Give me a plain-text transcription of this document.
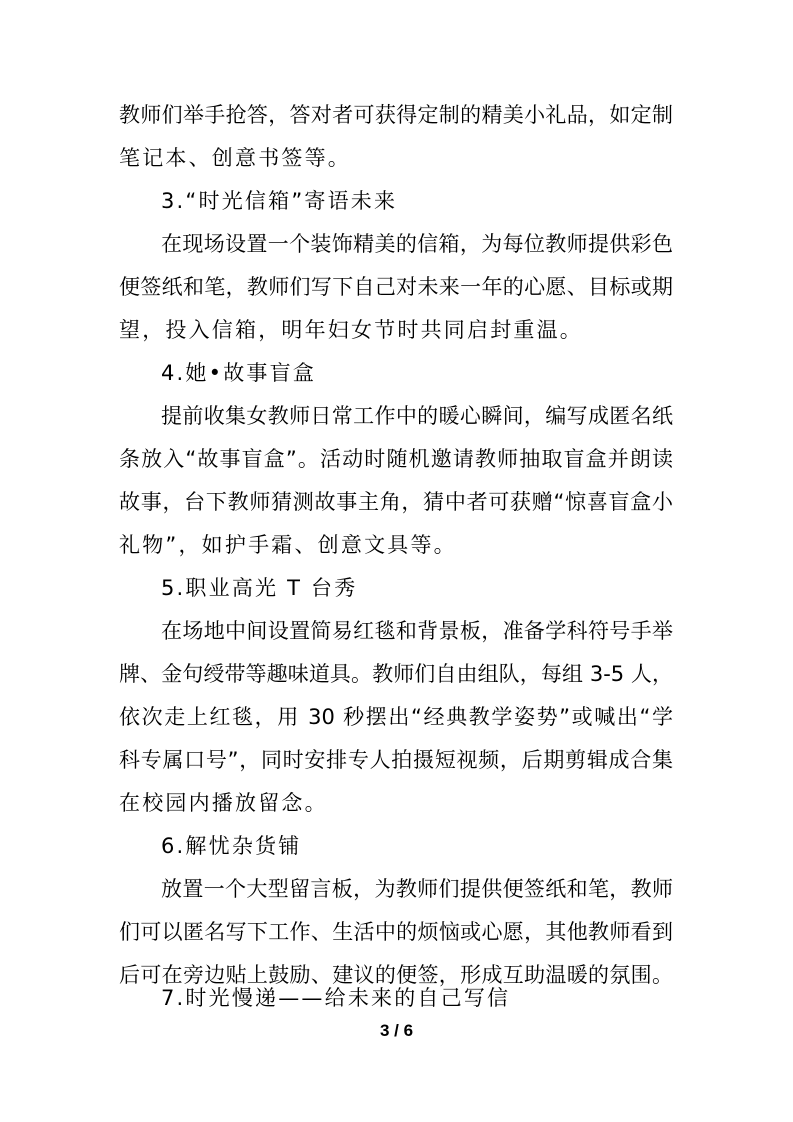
教师们举手抢答，答对者可获得定制的精美小礼品，如定制
笔记本、创意书签等。
3.“时光信箱”寄语未来
在现场设置一个装饰精美的信箱，为每位教师提供彩色
便签纸和笔，教师们写下自己对未来一年的心愿、目标或期
望，投入信箱，明年妇女节时共同启封重温。
4.她•故事盲盒
提前收集女教师日常工作中的暖心瞬间，编写成匿名纸
条放入“故事盲盒”。活动时随机邀请教师抽取盲盒并朗读
故事，台下教师猜测故事主角，猜中者可获赠“惊喜盲盒小
礼物”，如护手霜、创意文具等。
5.职业高光 T 台秀
在场地中间设置简易红毯和背景板，准备学科符号手举
牌、金句绶带等趣味道具。教师们自由组队，每组 3-5 人，
依次走上红毯，用 30 秒摆出“经典教学姿势”或喊出“学
科专属口号”，同时安排专人拍摄短视频，后期剪辑成合集
在校园内播放留念。
6.解忧杂货铺
放置一个大型留言板，为教师们提供便签纸和笔，教师
们可以匿名写下工作、生活中的烦恼或心愿，其他教师看到
后可在旁边贴上鼓励、建议的便签，形成互助温暖的氛围。
7.时光慢递——给未来的自己写信
3 / 6
